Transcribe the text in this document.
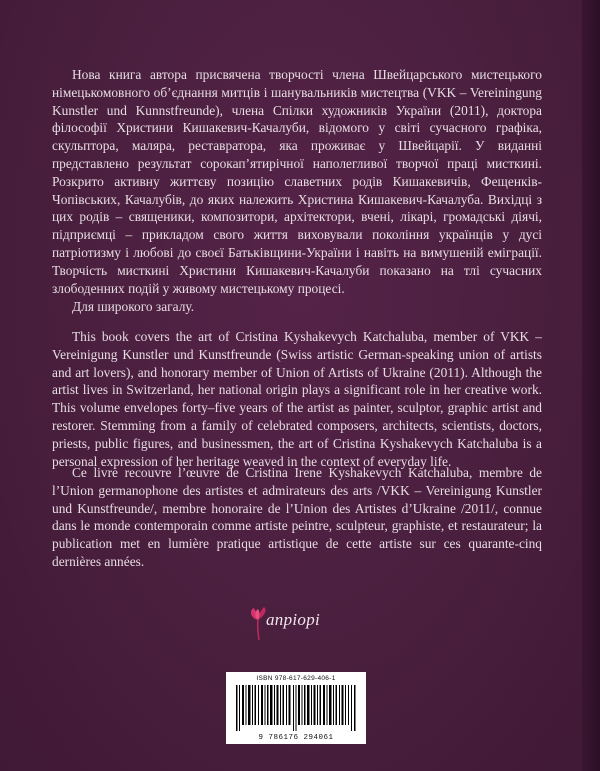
Нова книга автора присвячена творчості члена Швейцарського мистецького німецькомовного об’єднання митців і шанувальників мистецтва (VKK – Vereiningung Kunstler und Kunnstfreunde), члена Спілки художників України (2011), доктора філософії Христини Кишакевич-Качалуби, відомого у світі сучасного графіка, скульптора, маляра, реставратора, яка проживає у Швейцарії. У виданні представлено результат сорокап’ятирічної наполегливої творчої праці мисткині. Розкрито активну життєву позицію славетних родів Кишакевичів, Фещенків-Чопівських, Качалубів, до яких належить Христина Кишакевич-Качалуба. Вихідці з цих родів – священики, композитори, архітектори, вчені, лікарі, громадські діячі, підприємці – прикладом свого життя виховували покоління українців у дусі патріотизму і любові до своєї Батьківщини-України і навіть на вимушеній еміграції. Творчість мисткині Христини Кишакевич-Качалуби показано на тлі сучасних злободенних подій у живому мистецькому процесі.

Для широкого загалу.

This book covers the art of Cristina Kyshakevych Katchaluba, member of VKK – Vereinigung Kunstler und Kunstfreunde (Swiss artistic German-speaking union of artists and art lovers), and honorary member of Union of Artists of Ukraine (2011). Although the artist lives in Switzerland, her national origin plays a significant role in her creative work. This volume envelopes forty–five years of the artist as painter, sculptor, graphic artist and restorer. Stemming from a family of celebrated composers, architects, scientists, doctors, priests, public figures, and businessmen, the art of Cristina Kyshakevych Katchaluba is a personal expression of her heritage weaved in the context of everyday life.

Ce livre recouvre l’œuvre de Cristina Irene Kyshakevych Katchaluba, membre de l’Union germanophone des artistes et admirateurs des arts /VKK – Vereinigung Kunstler und Kunstfreunde/, membre honoraire de l’Union des Artistes d’Ukraine /2011/, connue dans le monde contemporain comme artiste peintre, sculpteur, graphiste, et restaurateur; la publication met en lumière pratique artistique de cette artiste sur ces quarante-cinq dernières années.

апріорі
ISBN 978-617-629-406-1
9 786176 294061
